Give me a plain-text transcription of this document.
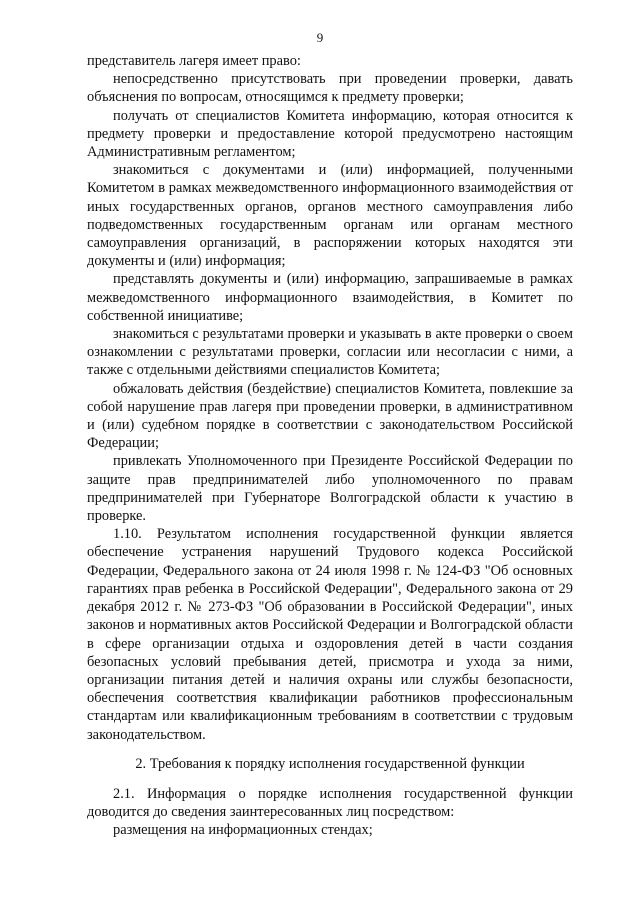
9

представитель лагеря имеет право:

непосредственно присутствовать при проведении проверки, давать объяснения по вопросам, относящимся к предмету проверки;

получать от специалистов Комитета информацию, которая относится к предмету проверки и предоставление которой предусмотрено настоящим Административным регламентом;

знакомиться с документами и (или) информацией, полученными Комитетом в рамках межведомственного информационного взаимодействия от иных государственных органов, органов местного самоуправления либо подведомственных государственным органам или органам местного самоуправления организаций, в распоряжении которых находятся эти документы и (или) информация;

представлять документы и (или) информацию, запрашиваемые в рамках межведомственного информационного взаимодействия, в Комитет по собственной инициативе;

знакомиться с результатами проверки и указывать в акте проверки о своем ознакомлении с результатами проверки, согласии или несогласии с ними, а также с отдельными действиями специалистов Комитета;

обжаловать действия (бездействие) специалистов Комитета, повлекшие за собой нарушение прав лагеря при проведении проверки, в административном и (или) судебном порядке в соответствии с законодательством Российской Федерации;

привлекать Уполномоченного при Президенте Российской Федерации по защите прав предпринимателей либо уполномоченного по правам предпринимателей при Губернаторе Волгоградской области к участию в проверке.

1.10. Результатом исполнения государственной функции является обеспечение устранения нарушений Трудового кодекса Российской Федерации, Федерального закона от 24 июля 1998 г. № 124-ФЗ "Об основных гарантиях прав ребенка в Российской Федерации", Федерального закона от 29 декабря 2012 г. № 273-ФЗ "Об образовании в Российской Федерации", иных законов и нормативных актов Российской Федерации и Волгоградской области в сфере организации отдыха и оздоровления детей в части создания безопасных условий пребывания детей, присмотра и ухода за ними, организации питания детей и наличия охраны или службы безопасности, обеспечения соответствия квалификации работников профессиональным стандартам или квалификационным требованиям в соответствии с трудовым законодательством.

2. Требования к порядку исполнения государственной функции

2.1. Информация о порядке исполнения государственной функции доводится до сведения заинтересованных лиц посредством:

размещения на информационных стендах;
